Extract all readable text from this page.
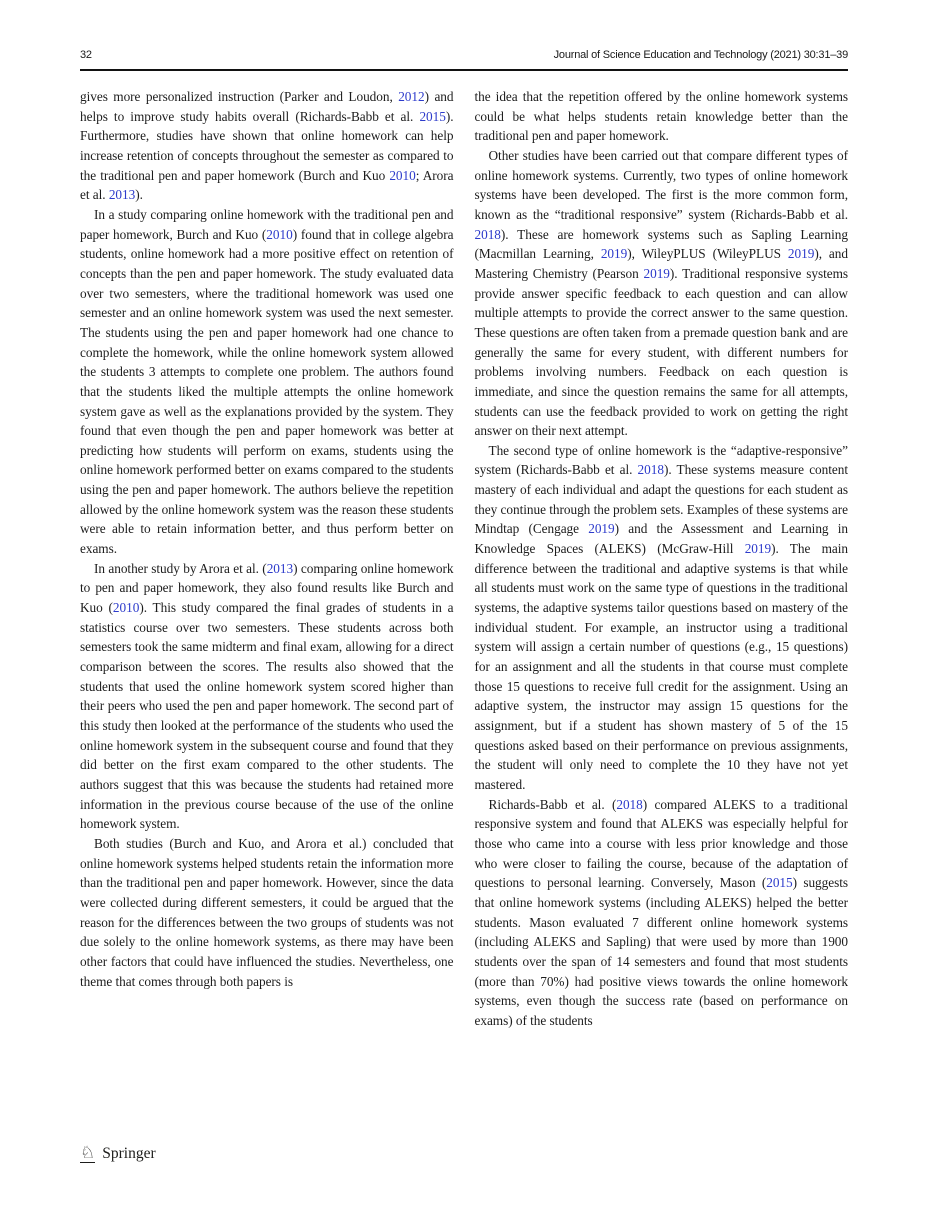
32	Journal of Science Education and Technology (2021) 30:31–39

gives more personalized instruction (Parker and Loudon, 2012) and helps to improve study habits overall (Richards-Babb et al. 2015). Furthermore, studies have shown that online homework can help increase retention of concepts throughout the semester as compared to the traditional pen and paper homework (Burch and Kuo 2010; Arora et al. 2013).

In a study comparing online homework with the traditional pen and paper homework, Burch and Kuo (2010) found that in college algebra students, online homework had a more positive effect on retention of concepts than the pen and paper homework. The study evaluated data over two semesters, where the traditional homework was used one semester and an online homework system was used the next semester. The students using the pen and paper homework had one chance to complete the homework, while the online homework system allowed the students 3 attempts to complete one problem. The authors found that the students liked the multiple attempts the online homework system gave as well as the explanations provided by the system. They found that even though the pen and paper homework was better at predicting how students will perform on exams, students using the online homework performed better on exams compared to the students using the pen and paper homework. The authors believe the repetition allowed by the online homework system was the reason these students were able to retain information better, and thus perform better on exams.

In another study by Arora et al. (2013) comparing online homework to pen and paper homework, they also found results like Burch and Kuo (2010). This study compared the final grades of students in a statistics course over two semesters. These students across both semesters took the same midterm and final exam, allowing for a direct comparison between the scores. The results also showed that the students that used the online homework system scored higher than their peers who used the pen and paper homework. The second part of this study then looked at the performance of the students who used the online homework system in the subsequent course and found that they did better on the first exam compared to the other students. The authors suggest that this was because the students had retained more information in the previous course because of the use of the online homework system.

Both studies (Burch and Kuo, and Arora et al.) concluded that online homework systems helped students retain the information more than the traditional pen and paper homework. However, since the data were collected during different semesters, it could be argued that the reason for the differences between the two groups of students was not due solely to the online homework systems, as there may have been other factors that could have influenced the studies. Nevertheless, one theme that comes through both papers is

the idea that the repetition offered by the online homework systems could be what helps students retain knowledge better than the traditional pen and paper homework.

Other studies have been carried out that compare different types of online homework systems. Currently, two types of online homework systems have been developed. The first is the more common form, known as the “traditional responsive” system (Richards-Babb et al. 2018). These are homework systems such as Sapling Learning (Macmillan Learning, 2019), WileyPLUS (WileyPLUS 2019), and Mastering Chemistry (Pearson 2019). Traditional responsive systems provide answer specific feedback to each question and can allow multiple attempts to provide the correct answer to the same question. These questions are often taken from a premade question bank and are generally the same for every student, with different numbers for problems involving numbers. Feedback on each question is immediate, and since the question remains the same for all attempts, students can use the feedback provided to work on getting the right answer on their next attempt.

The second type of online homework is the “adaptive-responsive” system (Richards-Babb et al. 2018). These systems measure content mastery of each individual and adapt the questions for each student as they continue through the problem sets. Examples of these systems are Mindtap (Cengage 2019) and the Assessment and Learning in Knowledge Spaces (ALEKS) (McGraw-Hill 2019). The main difference between the traditional and adaptive systems is that while all students must work on the same type of questions in the traditional systems, the adaptive systems tailor questions based on mastery of the individual student. For example, an instructor using a traditional system will assign a certain number of questions (e.g., 15 questions) for an assignment and all the students in that course must complete those 15 questions to receive full credit for the assignment. Using an adaptive system, the instructor may assign 15 questions for the assignment, but if a student has shown mastery of 5 of the 15 questions asked based on their performance on previous assignments, the student will only need to complete the 10 they have not yet mastered.

Richards-Babb et al. (2018) compared ALEKS to a traditional responsive system and found that ALEKS was especially helpful for those who came into a course with less prior knowledge and those who were closer to failing the course, because of the adaptation of questions to personal learning. Conversely, Mason (2015) suggests that online homework systems (including ALEKS) helped the better students. Mason evaluated 7 different online homework systems (including ALEKS and Sapling) that were used by more than 1900 students over the span of 14 semesters and found that most students (more than 70%) had positive views towards the online homework systems, even though the success rate (based on performance on exams) of the students

♘ Springer
